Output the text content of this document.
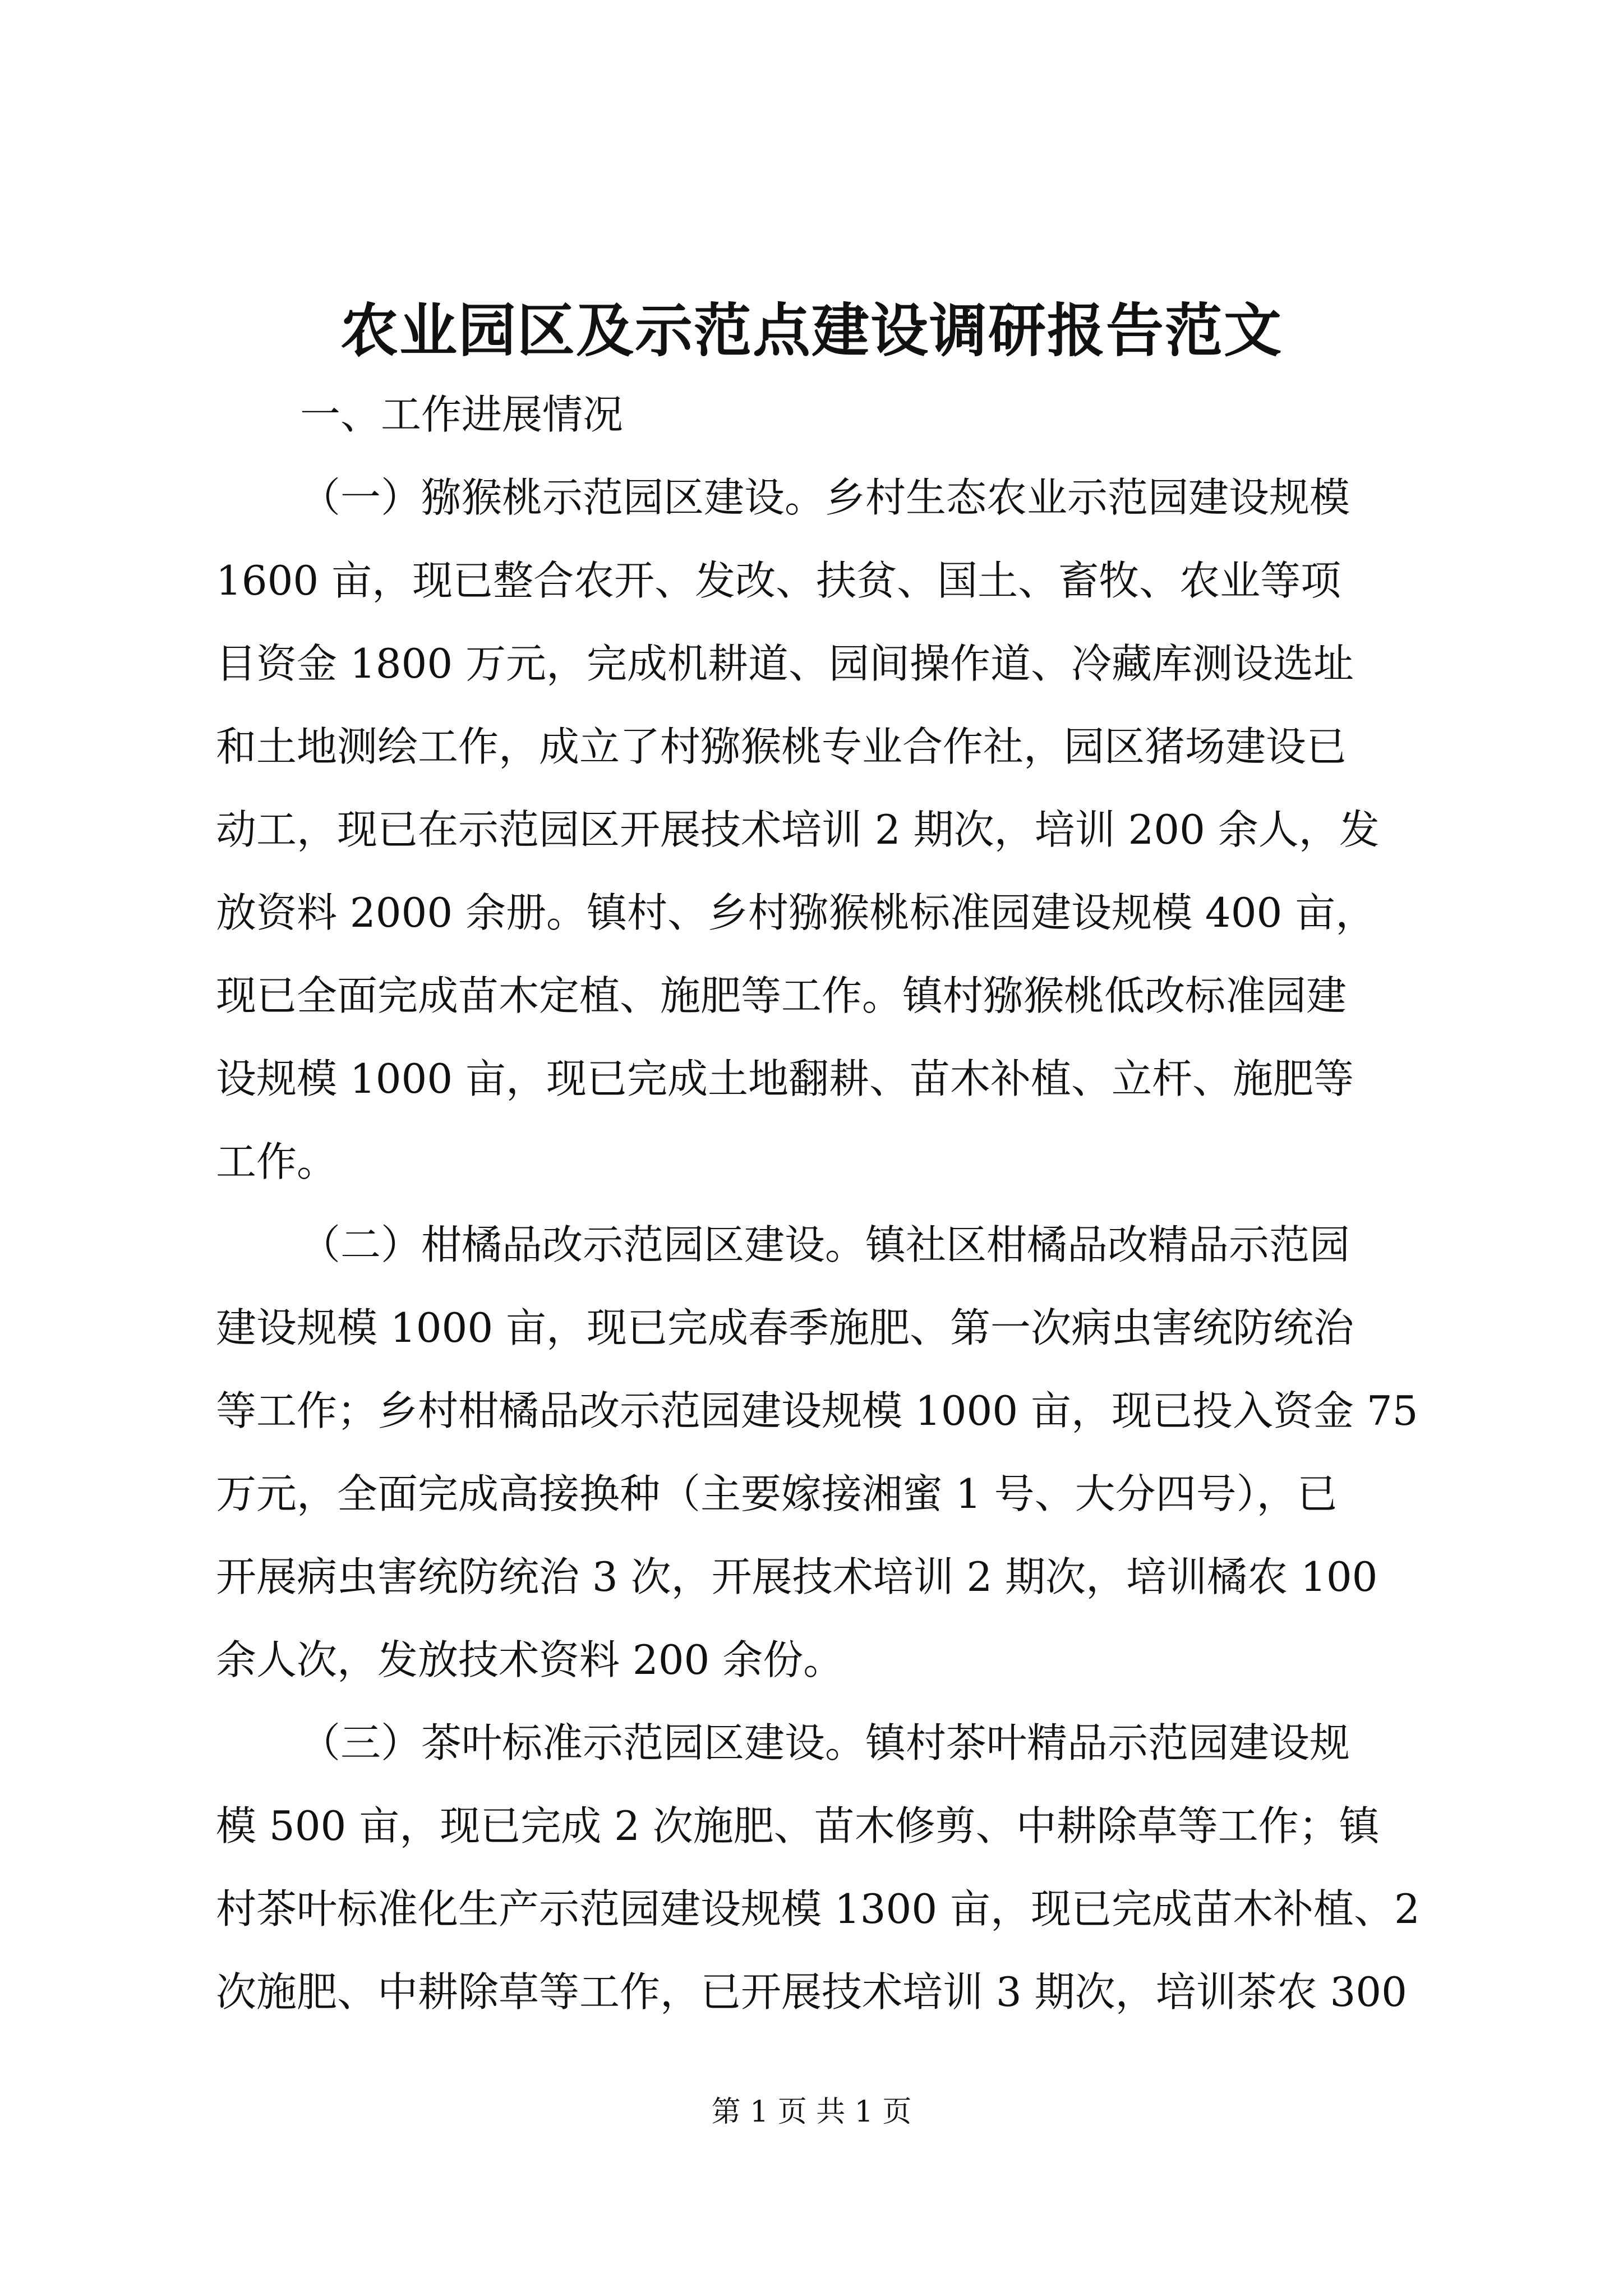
农业园区及示范点建设调研报告范文
一、工作进展情况
（一）猕猴桃示范园区建设。乡村生态农业示范园建设规模
1600 亩，现已整合农开、发改、扶贫、国土、畜牧、农业等项
目资金 1800 万元，完成机耕道、园间操作道、冷藏库测设选址
和土地测绘工作，成立了村猕猴桃专业合作社，园区猪场建设已
动工，现已在示范园区开展技术培训 2 期次，培训 200 余人，发
放资料 2000 余册。镇村、乡村猕猴桃标准园建设规模 400 亩，
现已全面完成苗木定植、施肥等工作。镇村猕猴桃低改标准园建
设规模 1000 亩，现已完成土地翻耕、苗木补植、立杆、施肥等
工作。
（二）柑橘品改示范园区建设。镇社区柑橘品改精品示范园
建设规模 1000 亩，现已完成春季施肥、第一次病虫害统防统治
等工作；乡村柑橘品改示范园建设规模 1000 亩，现已投入资金 75
万元，全面完成高接换种（主要嫁接湘蜜 1 号、大分四号），已
开展病虫害统防统治 3 次，开展技术培训 2 期次，培训橘农 100
余人次，发放技术资料 200 余份。
（三）茶叶标准示范园区建设。镇村茶叶精品示范园建设规
模 500 亩，现已完成 2 次施肥、苗木修剪、中耕除草等工作；镇
村茶叶标准化生产示范园建设规模 1300 亩，现已完成苗木补植、2
次施肥、中耕除草等工作，已开展技术培训 3 期次，培训茶农 300
第 1 页 共 1 页
